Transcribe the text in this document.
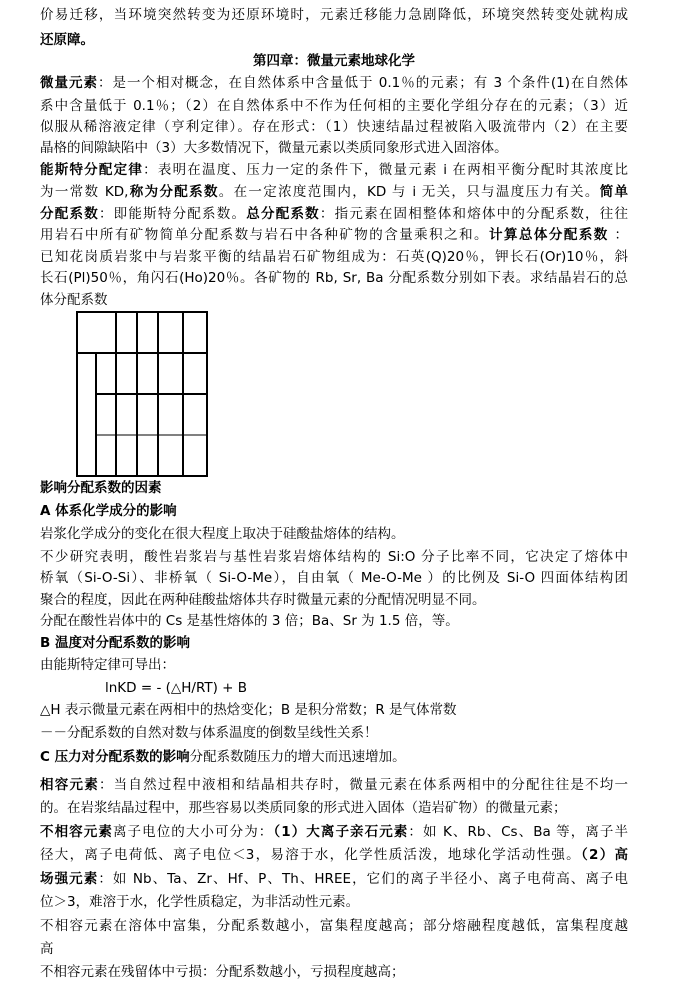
价易迁移，当环境突然转变为还原环境时，元素迁移能力急剧降低，环境突然转变处就构成
还原障。
第四章：微量元素地球化学
微量元素：是一个相对概念，在自然体系中含量低于 0.1％的元素；有 3 个条件(1)在自然体
系中含量低于 0.1％；（2）在自然体系中不作为任何相的主要化学组分存在的元素；（3）近
似服从稀溶液定律（亨利定律）。存在形式：（1）快速结晶过程被陷入吸流带内（2）在主要
晶格的间隙缺陷中（3）大多数情况下，微量元素以类质同象形式进入固溶体。
能斯特分配定律：表明在温度、压力一定的条件下，微量元素 i 在两相平衡分配时其浓度比
为一常数 KD,称为分配系数。在一定浓度范围内，KD 与 i 无关，只与温度压力有关。简单
分配系数：即能斯特分配系数。总分配系数：指元素在固相整体和熔体中的分配系数，往往
用岩石中所有矿物简单分配系数与岩石中各种矿物的含量乘积之和。计算总体分配系数 ：
已知花岗质岩浆中与岩浆平衡的结晶岩石矿物组成为：石英(Q)20％，钾长石(Or)10％，斜
长石(Pl)50％，角闪石(Ho)20％。各矿物的 Rb, Sr, Ba 分配系数分别如下表。求结晶岩石的总
体分配系数
影响分配系数的因素
A 体系化学成分的影响
岩浆化学成分的变化在很大程度上取决于硅酸盐熔体的结构。
不少研究表明，酸性岩浆岩与基性岩浆岩熔体结构的 Si:O 分子比率不同，它决定了熔体中
桥氧（Si-O-Si）、非桥氧（ Si-O-Me），自由氧（ Me-O-Me ）的比例及 Si-O 四面体结构团
聚合的程度，因此在两种硅酸盐熔体共存时微量元素的分配情况明显不同。
分配在酸性岩体中的 Cs 是基性熔体的 3 倍；Ba、Sr 为 1.5 倍，等。
B 温度对分配系数的影响
由能斯特定律可导出：
lnKD = - (△H/RT) + B
△H 表示微量元素在两相中的热焓变化；B 是积分常数；R 是气体常数
－－分配系数的自然对数与体系温度的倒数呈线性关系！
C 压力对分配系数的影响分配系数随压力的增大而迅速增加。
相容元素：当自然过程中液相和结晶相共存时，微量元素在体系两相中的分配往往是不均一
的。在岩浆结晶过程中，那些容易以类质同象的形式进入固体（造岩矿物）的微量元素；
不相容元素离子电位的大小可分为：（1）大离子亲石元素：如 K、Rb、Cs、Ba 等，离子半
径大，离子电荷低、离子电位＜3，易溶于水，化学性质活泼，地球化学活动性强。（2）高
场强元素：如 Nb、Ta、Zr、Hf、P、Th、HREE，它们的离子半径小、离子电荷高、离子电
位＞3，难溶于水，化学性质稳定，为非活动性元素。
不相容元素在溶体中富集，分配系数越小，富集程度越高；部分熔融程度越低，富集程度越
高
不相容元素在残留体中亏损：分配系数越小，亏损程度越高；
